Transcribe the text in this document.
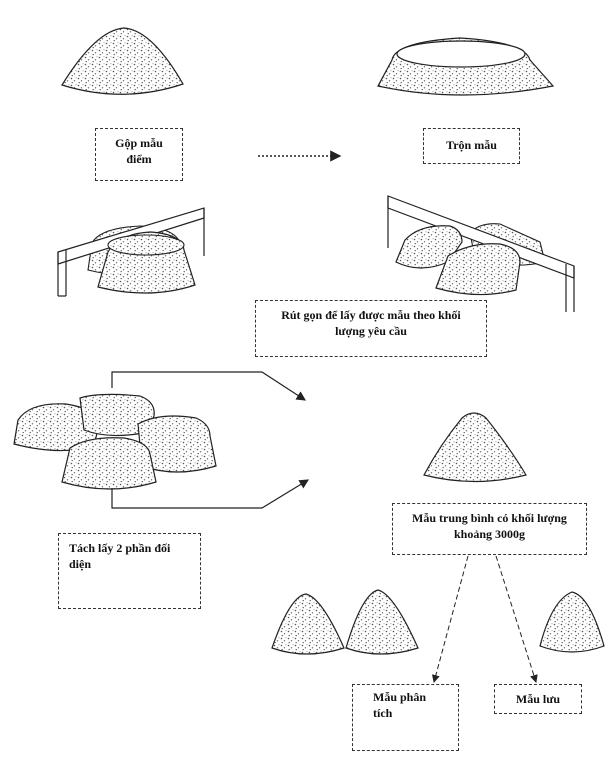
Gộp mẫu
điểm
Trộn mẫu
Rút gọn để lấy được mẫu theo khối
lượng yêu cầu
Tách lấy 2 phần đối
diện
Mẫu trung bình có khối lượng
khoảng 3000g
Mẫu phân
tích
Mẫu lưu
